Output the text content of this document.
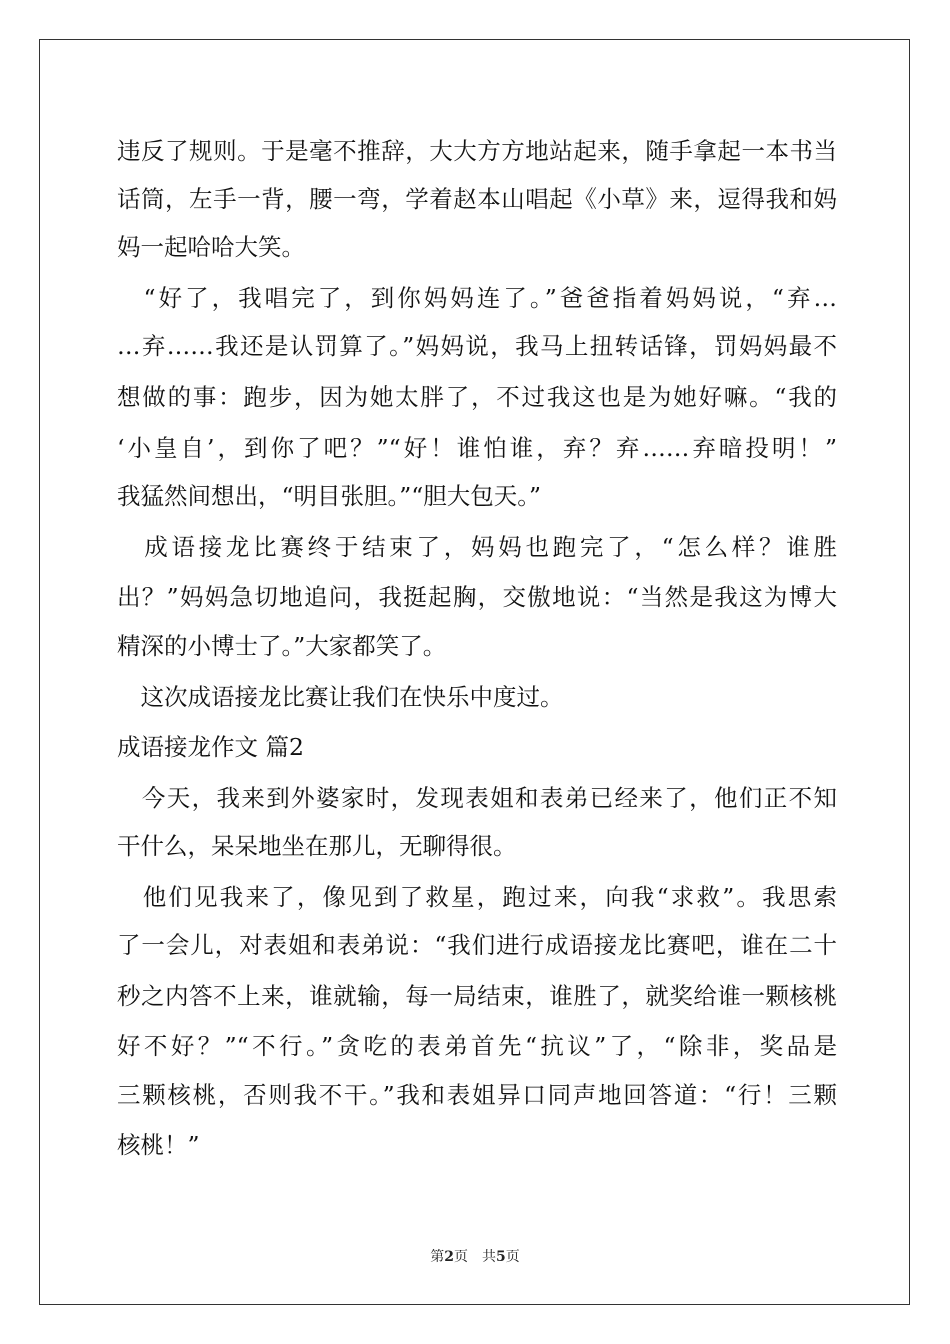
违反了规则。于是毫不推辞，大大方方地站起来，随手拿起一本书当
话筒，左手一背，腰一弯，学着赵本山唱起《小草》来，逗得我和妈
妈一起哈哈大笑。
　“好了，我唱完了，到你妈妈连了。”爸爸指着妈妈说，“弃…
…弃……我还是认罚算了。”妈妈说，我马上扭转话锋，罚妈妈最不
想做的事：跑步，因为她太胖了，不过我这也是为她好嘛。“我的
‘小皇自’，到你了吧？”“好！谁怕谁，弃？弃……弃暗投明！”
我猛然间想出，“明目张胆。”“胆大包天。”
　成语接龙比赛终于结束了，妈妈也跑完了，“怎么样？谁胜
出？”妈妈急切地追问，我挺起胸，交傲地说：“当然是我这为博大
精深的小博士了。”大家都笑了。
　这次成语接龙比赛让我们在快乐中度过。
成语接龙作文 篇2
　今天，我来到外婆家时，发现表姐和表弟已经来了，他们正不知
干什么，呆呆地坐在那儿，无聊得很。
　他们见我来了，像见到了救星，跑过来，向我“求救”。我思索
了一会儿，对表姐和表弟说：“我们进行成语接龙比赛吧，谁在二十
秒之内答不上来，谁就输，每一局结束，谁胜了，就奖给谁一颗核桃
好不好？”“不行。”贪吃的表弟首先“抗议”了，“除非，奖品是
三颗核桃，否则我不干。”我和表姐异口同声地回答道：“行！三颗
核桃！”
第2页　共5页
